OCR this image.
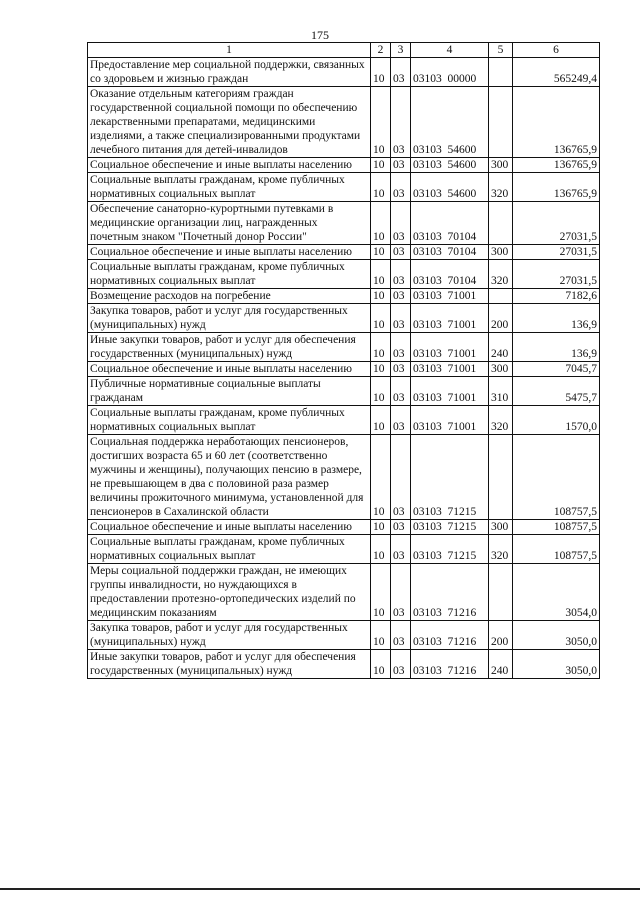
175
1	2	3	4	5	6
Предоставление мер социальной поддержки, связанных со здоровьем и жизнью граждан	10	03	03103  00000		565249,4
Оказание отдельным категориям граждан государственной социальной помощи по обеспечению лекарственными препаратами, медицинскими изделиями, а также специализированными продуктами лечебного питания для детей-инвалидов	10	03	03103  54600		136765,9
Социальное обеспечение и иные выплаты населению	10	03	03103  54600	300	136765,9
Социальные выплаты гражданам, кроме публичных нормативных социальных выплат	10	03	03103  54600	320	136765,9
Обеспечение санаторно-курортными путевками в медицинские организации лиц, награжденных почетным знаком "Почетный донор России"	10	03	03103  70104		27031,5
Социальное обеспечение и иные выплаты населению	10	03	03103  70104	300	27031,5
Социальные выплаты гражданам, кроме публичных нормативных социальных выплат	10	03	03103  70104	320	27031,5
Возмещение расходов на погребение	10	03	03103  71001		7182,6
Закупка товаров, работ и услуг для государственных (муниципальных) нужд	10	03	03103  71001	200	136,9
Иные закупки товаров, работ и услуг для обеспечения государственных (муниципальных) нужд	10	03	03103  71001	240	136,9
Социальное обеспечение и иные выплаты населению	10	03	03103  71001	300	7045,7
Публичные нормативные социальные выплаты гражданам	10	03	03103  71001	310	5475,7
Социальные выплаты гражданам, кроме публичных нормативных социальных выплат	10	03	03103  71001	320	1570,0
Социальная поддержка неработающих пенсионеров, достигших возраста 65 и 60 лет (соответственно мужчины и женщины), получающих пенсию в размере, не превышающем в два с половиной раза размер величины прожиточного минимума, установленной для пенсионеров в Сахалинской области	10	03	03103  71215		108757,5
Социальное обеспечение и иные выплаты населению	10	03	03103  71215	300	108757,5
Социальные выплаты гражданам, кроме публичных нормативных социальных выплат	10	03	03103  71215	320	108757,5
Меры социальной поддержки граждан, не имеющих группы инвалидности, но нуждающихся в предоставлении протезно-ортопедических изделий по медицинским показаниям	10	03	03103  71216		3054,0
Закупка товаров, работ и услуг для государственных (муниципальных) нужд	10	03	03103  71216	200	3050,0
Иные закупки товаров, работ и услуг для обеспечения государственных (муниципальных) нужд	10	03	03103  71216	240	3050,0
